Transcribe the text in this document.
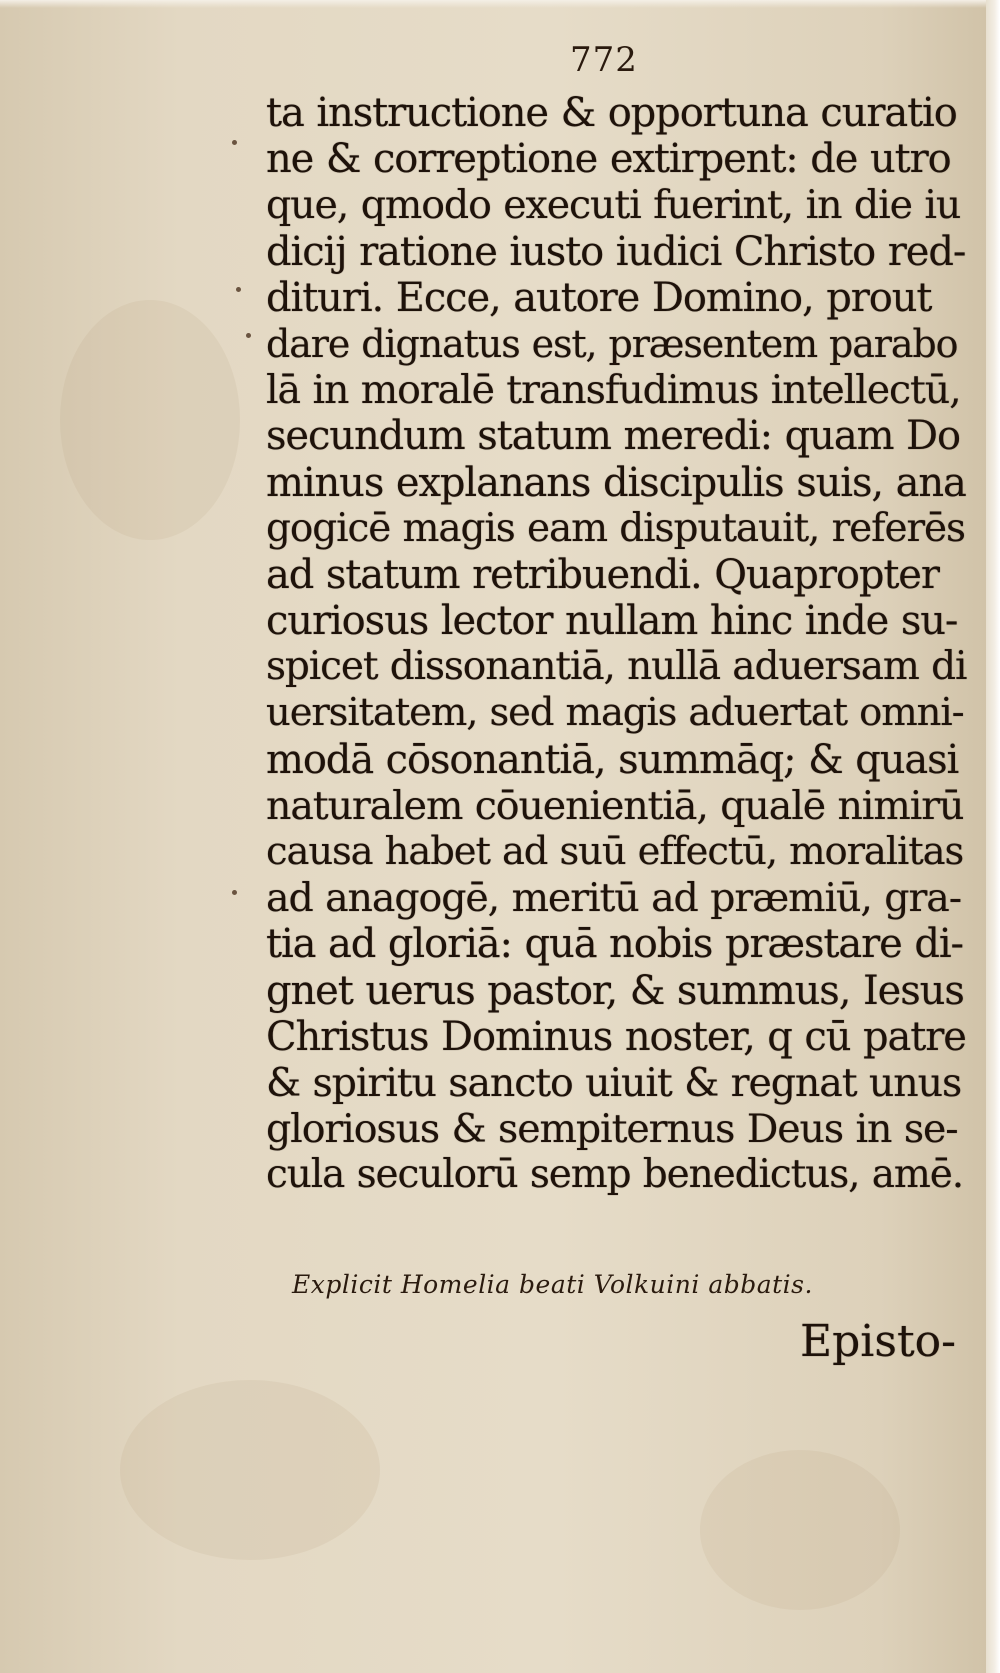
772
ta instructione & opportuna curatio
ne & correptione extirpent: de utro
que, qmodo executi fuerint, in die iu
dicij ratione iusto iudici Christo red-
dituri. Ecce, autore Domino, prout
dare dignatus est, præsentem parabo
lā in moralē transfudimus intellectū,
secundum statum meredi: quam Do
minus explanans discipulis suis, ana
gogicē magis eam disputauit, referēs
ad statum retribuendi. Quapropter
curiosus lector nullam hinc inde su-
spicet dissonantiā, nullā aduersam di
uersitatem, sed magis aduertat omni-
modā cōsonantiā, summāq; & quasi
naturalem cōuenientiā, qualē nimirū
causa habet ad suū effectū, moralitas
ad anagogē, meritū ad præmiū, gra-
tia ad gloriā: quā nobis præstare di-
gnet uerus pastor, & summus, Iesus
Christus Dominus noster, q cū patre
& spiritu sancto uiuit & regnat unus
gloriosus & sempiternus Deus in se-
cula seculorū semp benedictus, amē.
Explicit Homelia beati Volkuini abbatis.
Episto-
